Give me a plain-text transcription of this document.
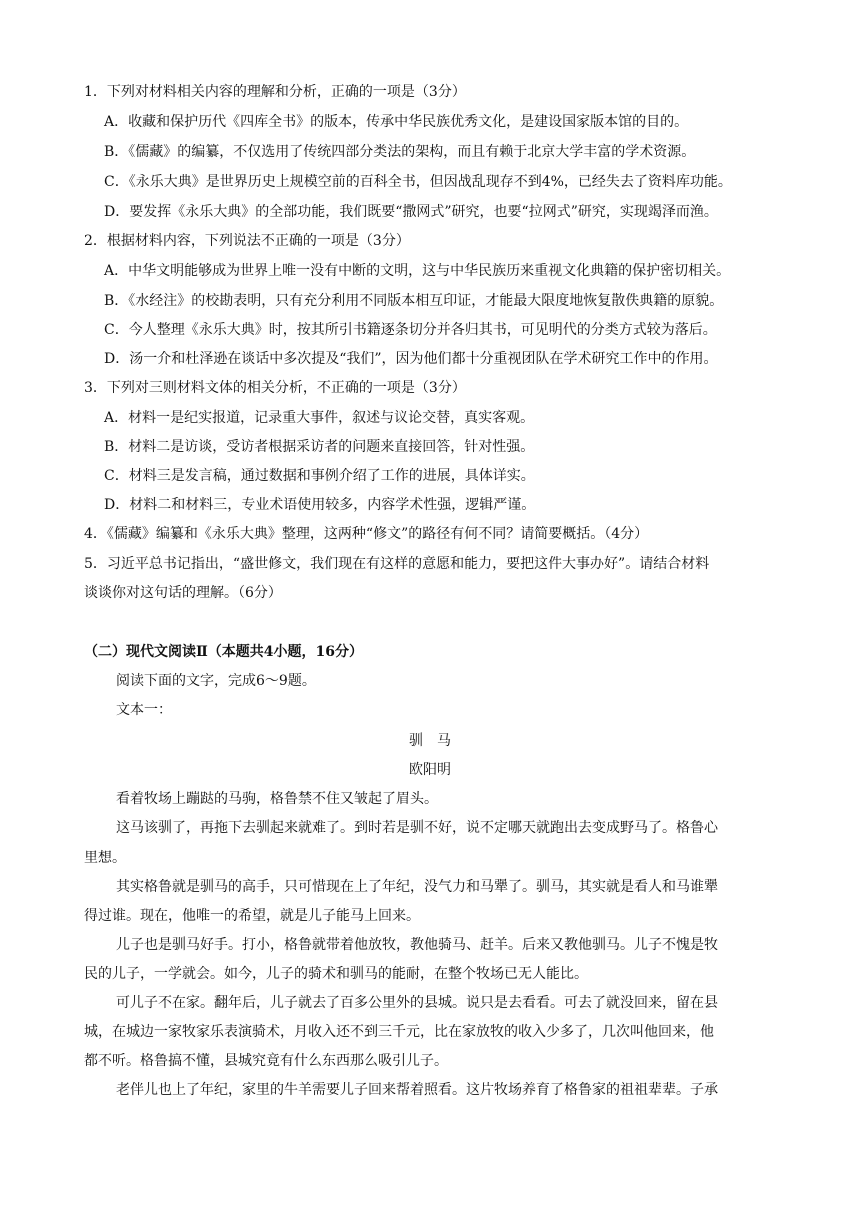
1．下列对材料相关内容的理解和分析，正确的一项是（3分）
A．收藏和保护历代《四库全书》的版本，传承中华民族优秀文化，是建设国家版本馆的目的。
B．《儒藏》的编纂，不仅选用了传统四部分类法的架构，而且有赖于北京大学丰富的学术资源。
C．《永乐大典》是世界历史上规模空前的百科全书，但因战乱现存不到4%，已经失去了资料库功能。
D．要发挥《永乐大典》的全部功能，我们既要“撒网式”研究，也要“拉网式”研究，实现竭泽而渔。
2．根据材料内容，下列说法不正确的一项是（3分）
A．中华文明能够成为世界上唯一没有中断的文明，这与中华民族历来重视文化典籍的保护密切相关。
B．《水经注》的校勘表明，只有充分利用不同版本相互印证，才能最大限度地恢复散佚典籍的原貌。
C．今人整理《永乐大典》时，按其所引书籍逐条切分并各归其书，可见明代的分类方式较为落后。
D．汤一介和杜泽逊在谈话中多次提及“我们”，因为他们都十分重视团队在学术研究工作中的作用。
3．下列对三则材料文体的相关分析，不正确的一项是（3分）
A．材料一是纪实报道，记录重大事件，叙述与议论交替，真实客观。
B．材料二是访谈，受访者根据采访者的问题来直接回答，针对性强。
C．材料三是发言稿，通过数据和事例介绍了工作的进展，具体详实。
D．材料二和材料三，专业术语使用较多，内容学术性强，逻辑严谨。
4．《儒藏》编纂和《永乐大典》整理，这两种“修文”的路径有何不同？请简要概括。（4分）
5．习近平总书记指出，“盛世修文，我们现在有这样的意愿和能力，要把这件大事办好”。请结合材料
谈谈你对这句话的理解。（6分）
（二）现代文阅读Ⅱ（本题共4小题，16分）
阅读下面的文字，完成6～9题。
文本一：
驯　马
欧阳明
看着牧场上蹦跶的马驹，格鲁禁不住又皱起了眉头。
这马该驯了，再拖下去驯起来就难了。到时若是驯不好，说不定哪天就跑出去变成野马了。格鲁心
里想。
其实格鲁就是驯马的高手，只可惜现在上了年纪，没气力和马犟了。驯马，其实就是看人和马谁犟
得过谁。现在，他唯一的希望，就是儿子能马上回来。
儿子也是驯马好手。打小，格鲁就带着他放牧，教他骑马、赶羊。后来又教他驯马。儿子不愧是牧
民的儿子，一学就会。如今，儿子的骑术和驯马的能耐，在整个牧场已无人能比。
可儿子不在家。翻年后，儿子就去了百多公里外的县城。说只是去看看。可去了就没回来，留在县
城，在城边一家牧家乐表演骑术，月收入还不到三千元，比在家放牧的收入少多了，几次叫他回来，他
都不听。格鲁搞不懂，县城究竟有什么东西那么吸引儿子。
老伴儿也上了年纪，家里的牛羊需要儿子回来帮着照看。这片牧场养育了格鲁家的祖祖辈辈。子承
